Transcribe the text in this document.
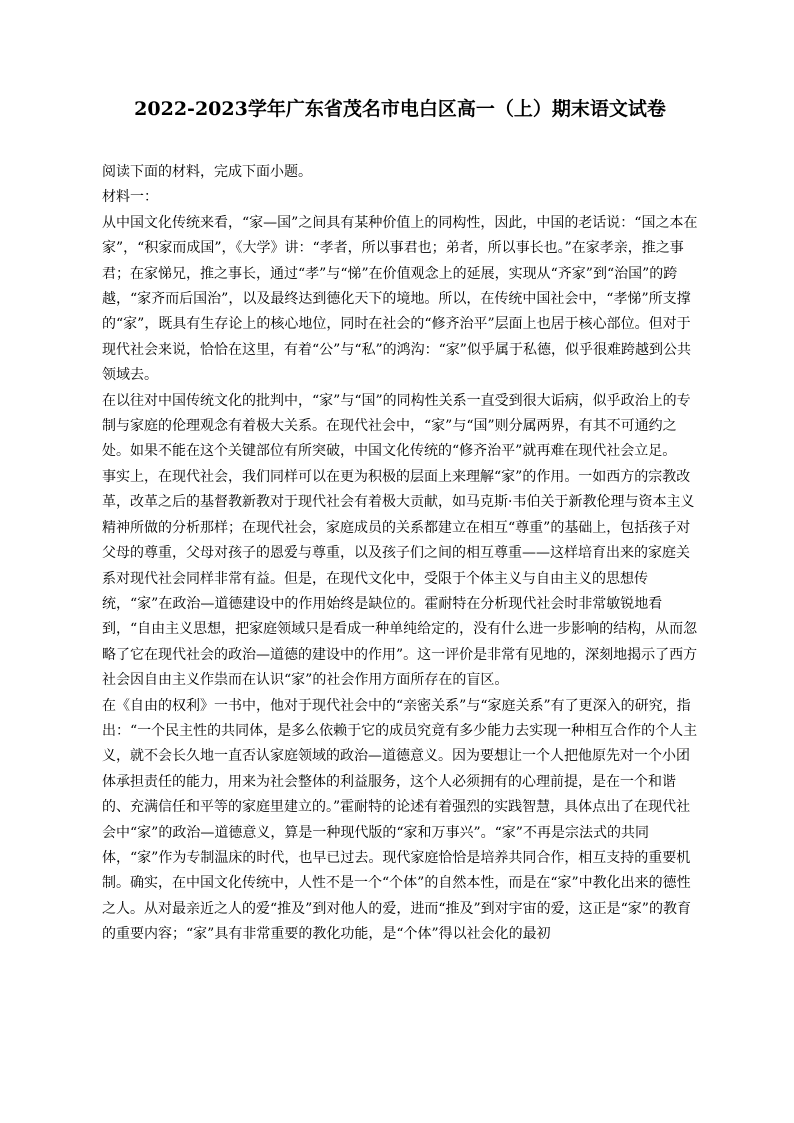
2022-2023学年广东省茂名市电白区高一（上）期末语文试卷

阅读下面的材料，完成下面小题。

材料一：

从中国文化传统来看，“家—国”之间具有某种价值上的同构性，因此，中国的老话说：“国之本在家”，“积家而成国”，《大学》讲：“孝者，所以事君也；弟者，所以事长也。”在家孝亲，推之事君；在家悌兄，推之事长，通过“孝”与“悌”在价值观念上的延展，实现从“齐家”到“治国”的跨越，“家齐而后国治”，以及最终达到德化天下的境地。所以，在传统中国社会中，“孝悌”所支撑的“家”，既具有生存论上的核心地位，同时在社会的“修齐治平”层面上也居于核心部位。但对于现代社会来说，恰恰在这里，有着“公”与“私”的鸿沟：“家”似乎属于私德，似乎很难跨越到公共领域去。

在以往对中国传统文化的批判中，“家”与“国”的同构性关系一直受到很大诟病，似乎政治上的专制与家庭的伦理观念有着极大关系。在现代社会中，“家”与“国”则分属两界，有其不可通约之处。如果不能在这个关键部位有所突破，中国文化传统的“修齐治平”就再难在现代社会立足。

事实上，在现代社会，我们同样可以在更为积极的层面上来理解“家”的作用。一如西方的宗教改革，改革之后的基督教新教对于现代社会有着极大贡献，如马克斯·韦伯关于新教伦理与资本主义精神所做的分析那样；在现代社会，家庭成员的关系都建立在相互“尊重”的基础上，包括孩子对父母的尊重，父母对孩子的恩爱与尊重，以及孩子们之间的相互尊重——这样培育出来的家庭关系对现代社会同样非常有益。但是，在现代文化中，受限于个体主义与自由主义的思想传统，“家”在政治—道德建设中的作用始终是缺位的。霍耐特在分析现代社会时非常敏锐地看到，“自由主义思想，把家庭领域只是看成一种单纯给定的，没有什么进一步影响的结构，从而忽略了它在现代社会的政治—道德的建设中的作用”。这一评价是非常有见地的，深刻地揭示了西方社会因自由主义作祟而在认识“家”的社会作用方面所存在的盲区。

在《自由的权利》一书中，他对于现代社会中的“亲密关系”与“家庭关系”有了更深入的研究，指出：“一个民主性的共同体，是多么依赖于它的成员究竟有多少能力去实现一种相互合作的个人主义，就不会长久地一直否认家庭领域的政治—道德意义。因为要想让一个人把他原先对一个小团体承担责任的能力，用来为社会整体的利益服务，这个人必须拥有的心理前提，是在一个和谐的、充满信任和平等的家庭里建立的。”霍耐特的论述有着强烈的实践智慧，具体点出了在现代社会中“家”的政治—道德意义，算是一种现代版的“家和万事兴”。“家”不再是宗法式的共同体，“家”作为专制温床的时代，也早已过去。现代家庭恰恰是培养共同合作，相互支持的重要机制。确实，在中国文化传统中，人性不是一个“个体”的自然本性，而是在“家”中教化出来的德性之人。从对最亲近之人的爱“推及”到对他人的爱，进而“推及”到对宇宙的爱，这正是“家”的教育的重要内容；“家”具有非常重要的教化功能，是“个体”得以社会化的最初
